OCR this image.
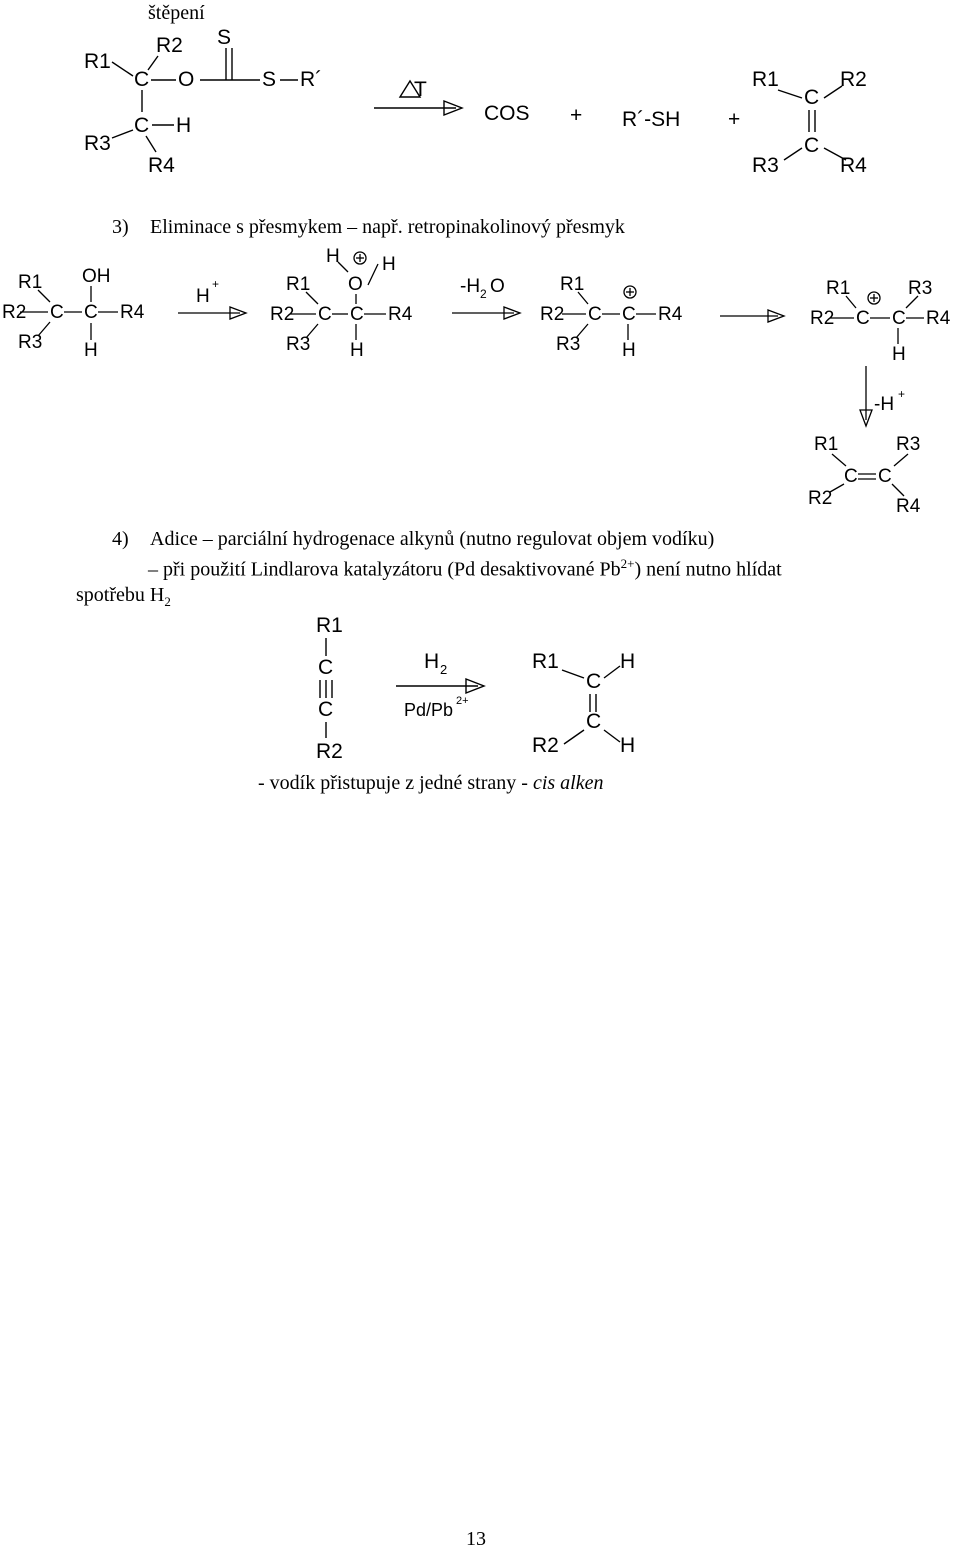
štěpení
3) Eliminace s přesmykem – např. retropinakolinový přesmyk
4) Adice – parciální hydrogenace alkynů (nutno regulovat objem vodíku)
– při použití Lindlarova katalyzátoru (Pd desaktivované $Pb^{2+}$) není nutno hlídat
spotřebu $H_2$
- vodík přistupuje z jedné strany - cis alken
13
R1
R2
C O
S
S R´
C H
R3
R4
T
COS + R´-SH +
R1	R2
C
C
R3	R4
R1 OH
R2 C C R4
R3 H
H
+
H H
O
R1
R2 C C R4
R3 H
-H 2 O	R1
R2 C C R4
R3 H
R1	R3
R2 C C R4
H
-H +
R1	R3
C C
R2	R4
R1
C
C
R2
H 2
Pd/Pb 2+
R1	H
C
C
R2	H
